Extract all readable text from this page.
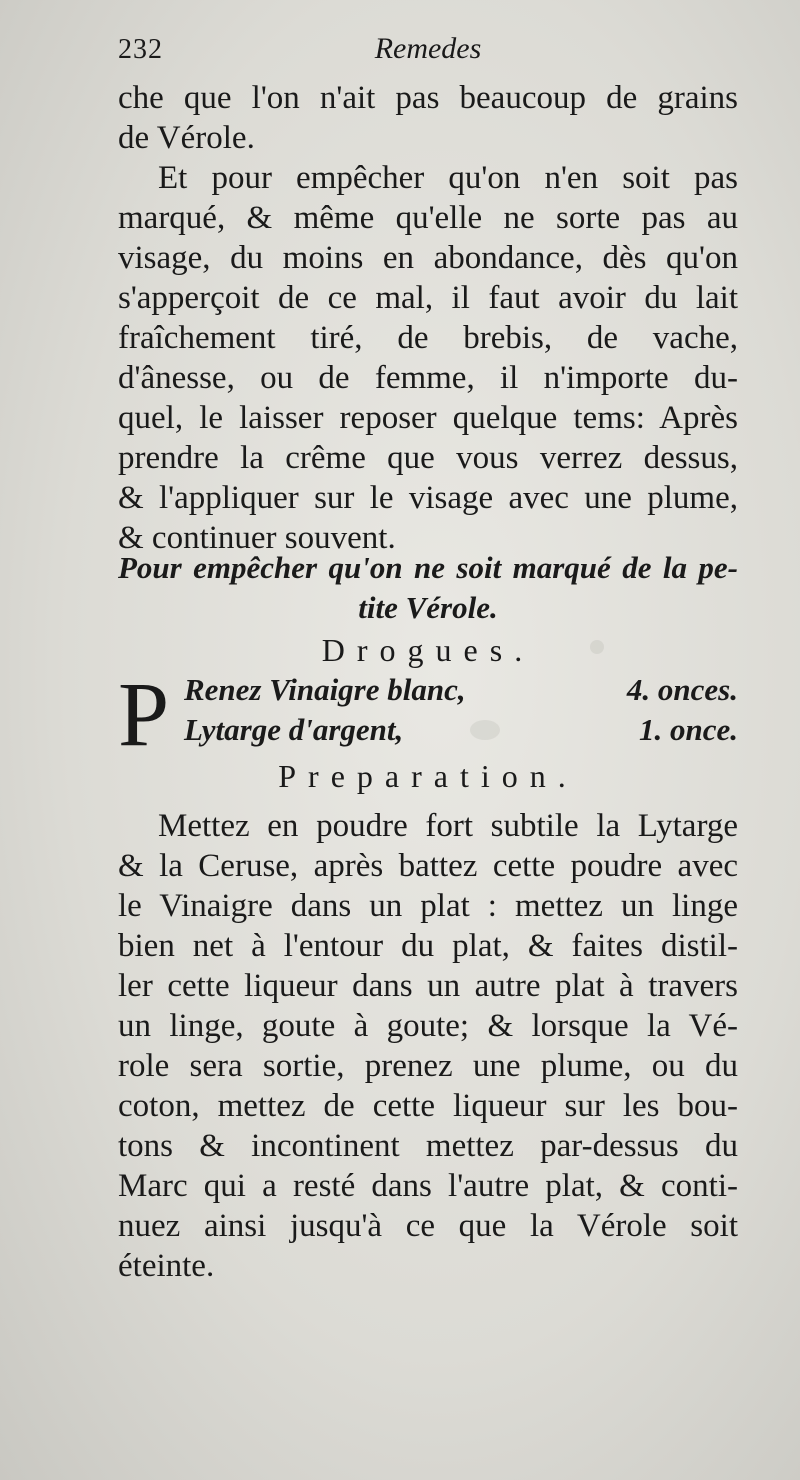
232	Remedes
che que l'on n'ait pas beaucoup de grains
de Vérole.
Et pour empêcher qu'on n'en soit pas
marqué, & même qu'elle ne sorte pas au
visage, du moins en abondance, dès qu'on
s'apperçoit de ce mal, il faut avoir du lait
fraîchement tiré, de brebis, de vache,
d'ânesse, ou de femme, il n'importe du-
quel, le laisser reposer quelque tems: Après
prendre la crême que vous verrez dessus,
& l'appliquer sur le visage avec une plume,
& continuer souvent.
Pour empêcher qu'on ne soit marqué de la pe-
tite Vérole.
Drogues.
P Renez Vinaigre blanc,	4. onces.
Lytarge d'argent,	1. once.
Preparation.
Mettez en poudre fort subtile la Lytarge
& la Ceruse, après battez cette poudre avec
le Vinaigre dans un plat : mettez un linge
bien net à l'entour du plat, & faites distil-
ler cette liqueur dans un autre plat à travers
un linge, goute à goute; & lorsque la Vé-
role sera sortie, prenez une plume, ou du
coton, mettez de cette liqueur sur les bou-
tons & incontinent mettez par-dessus du
Marc qui a resté dans l'autre plat, & conti-
nuez ainsi jusqu'à ce que la Vérole soit
éteinte.
